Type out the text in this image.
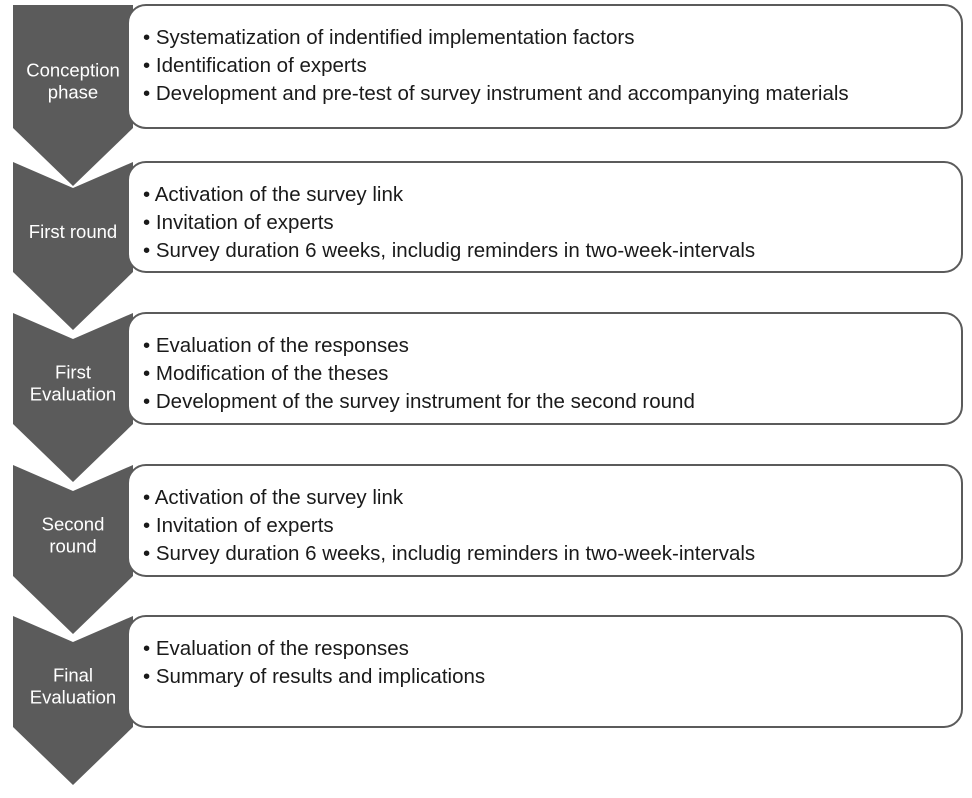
Conception
phase
• Systematization of indentified implementation factors
• Identification of experts
• Development and pre-test of survey instrument and accompanying materials
First round
• Activation of the survey link
• Invitation of experts
• Survey duration 6 weeks, includig reminders in two-week-intervals
First
Evaluation
• Evaluation of the responses
• Modification of the theses
• Development of the survey instrument for the second round
Second
round
• Activation of the survey link
• Invitation of experts
• Survey duration 6 weeks, includig reminders in two-week-intervals
Final
Evaluation
• Evaluation of the responses
• Summary of results and implications
